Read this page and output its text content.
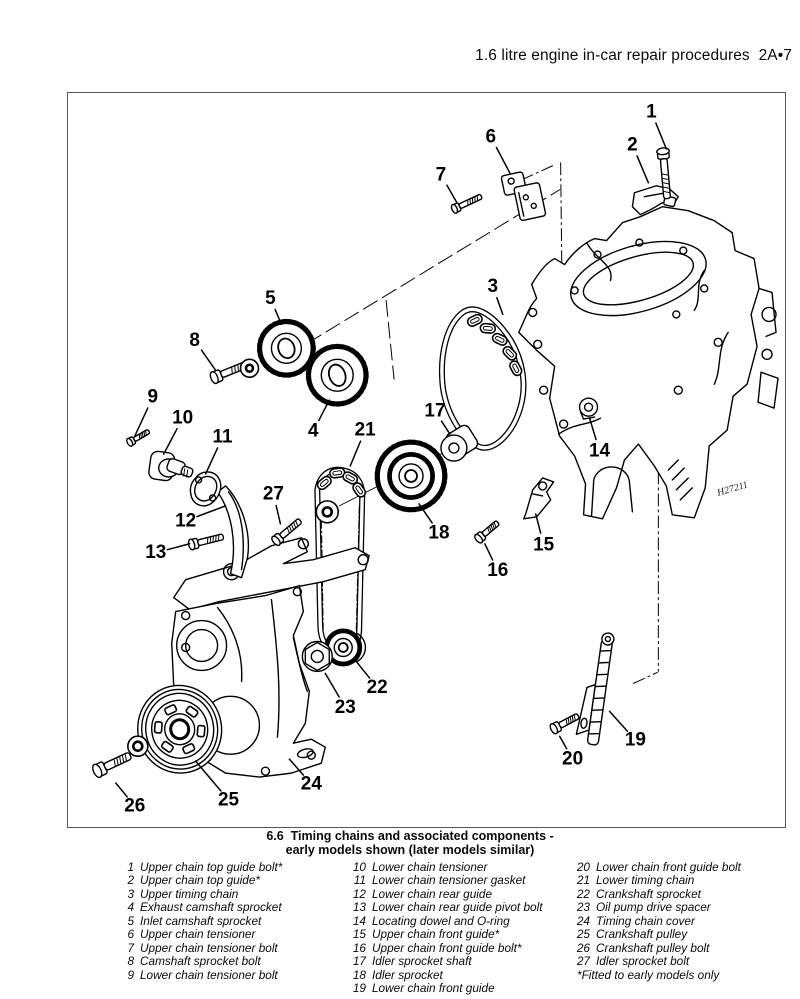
1.6 litre engine in-car repair procedures  2A•7
H27211
1
2
3
4
5
6
7
8
9
10
11
12
13
14
15
16
17
18
19
20
21
22
23
24
25
26
27
6.6  Timing chains and associated components -
early models shown (later models similar)
1 Upper chain top guide bolt*
2 Upper chain top guide*
3 Upper timing chain
4 Exhaust camshaft sprocket
5 Inlet camshaft sprocket
6 Upper chain tensioner
7 Upper chain tensioner bolt
8 Camshaft sprocket bolt
9 Lower chain tensioner bolt
10 Lower chain tensioner
11 Lower chain tensioner gasket
12 Lower chain rear guide
13 Lower chain rear guide pivot bolt
14 Locating dowel and O-ring
15 Upper chain front guide*
16 Upper chain front guide bolt*
17 Idler sprocket shaft
18 Idler sprocket
19 Lower chain front guide
20 Lower chain front guide bolt
21 Lower timing chain
22 Crankshaft sprocket
23 Oil pump drive spacer
24 Timing chain cover
25 Crankshaft pulley
26 Crankshaft pulley bolt
27 Idler sprocket bolt
*Fitted to early models only
